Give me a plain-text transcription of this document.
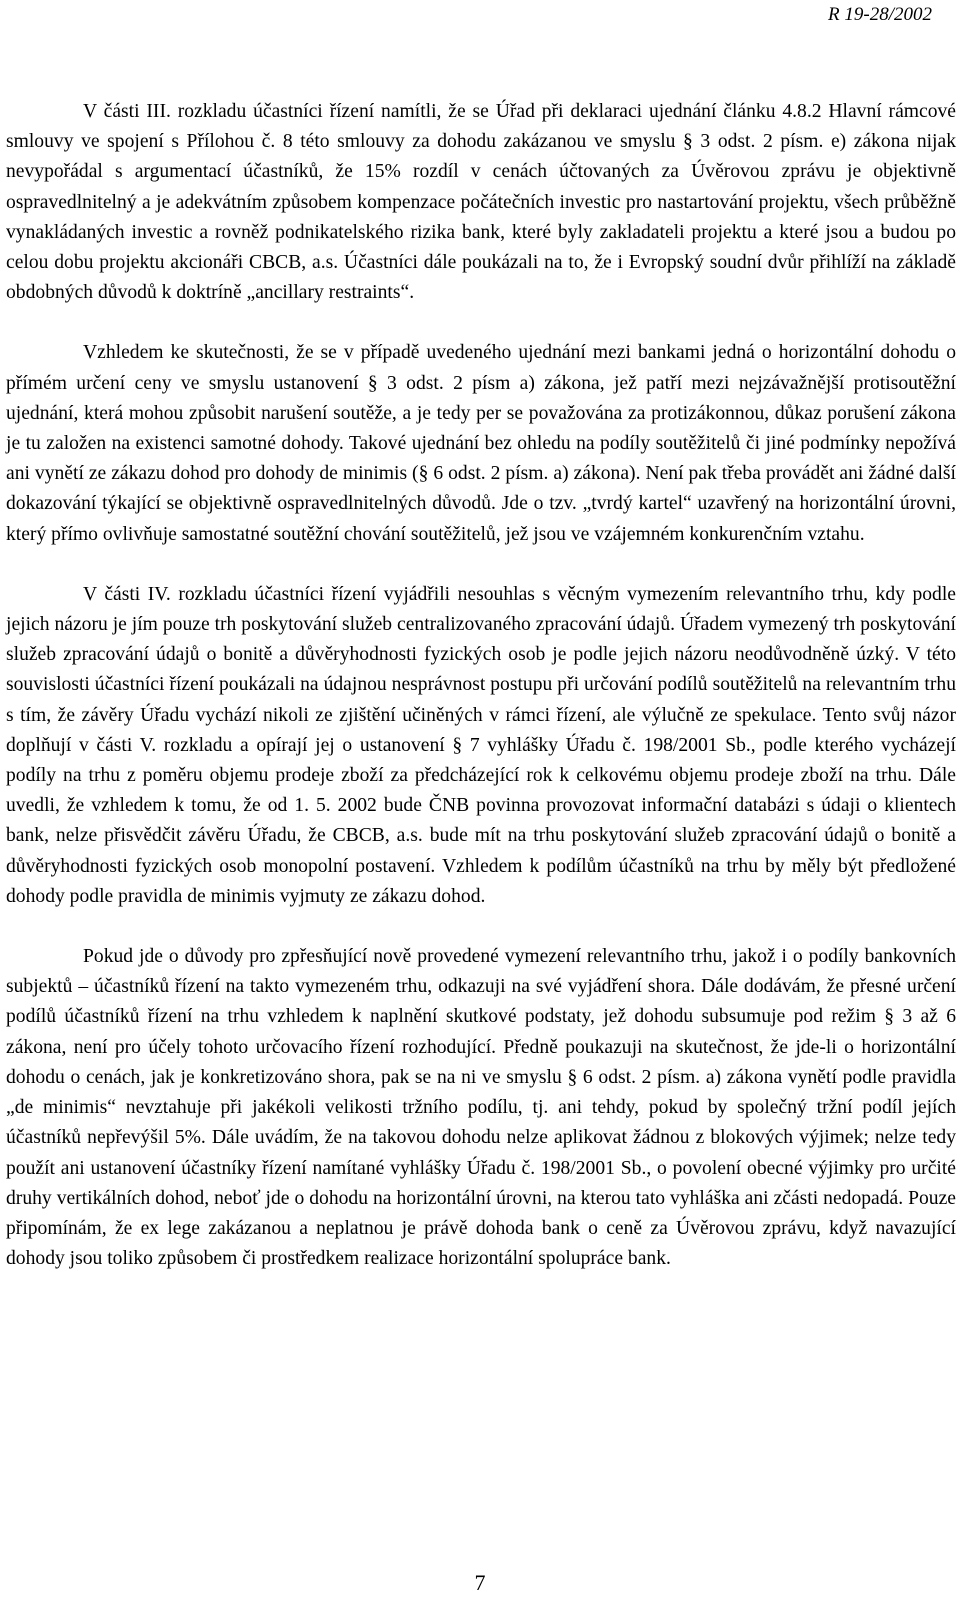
R 19-28/2002

V části III. rozkladu účastníci řízení namítli, že se Úřad při deklaraci ujednání článku 4.8.2 Hlavní rámcové smlouvy ve spojení s Přílohou č. 8 této smlouvy za dohodu zakázanou ve smyslu § 3 odst. 2 písm. e) zákona nijak nevypořádal s argumentací účastníků, že 15% rozdíl v cenách účtovaných za Úvěrovou zprávu je objektivně ospravedlnitelný a je adekvátním způsobem kompenzace počátečních investic pro nastartování projektu, všech průběžně vynakládaných investic a rovněž podnikatelského rizika bank, které byly zakladateli projektu a které jsou a budou po celou dobu projektu akcionáři CBCB, a.s. Účastníci dále poukázali na to, že i Evropský soudní dvůr přihlíží na základě obdobných důvodů k doktríně „ancillary restraints“.

Vzhledem ke skutečnosti, že se v případě uvedeného ujednání mezi bankami jedná o horizontální dohodu o přímém určení ceny ve smyslu ustanovení § 3 odst. 2 písm a) zákona, jež patří mezi nejzávažnější protisoutěžní ujednání, která mohou způsobit narušení soutěže, a je tedy per se považována za protizákonnou, důkaz porušení zákona je tu založen na existenci samotné dohody. Takové ujednání bez ohledu na podíly soutěžitelů či jiné podmínky nepožívá ani vynětí ze zákazu dohod pro dohody de minimis (§ 6 odst. 2 písm. a) zákona). Není pak třeba provádět ani žádné další dokazování týkající se objektivně ospravedlnitelných důvodů. Jde o tzv. „tvrdý kartel“ uzavřený na horizontální úrovni, který přímo ovlivňuje samostatné soutěžní chování soutěžitelů, jež jsou ve vzájemném konkurenčním vztahu.

V části IV. rozkladu účastníci řízení vyjádřili nesouhlas s věcným vymezením relevantního trhu, kdy podle jejich názoru je jím pouze trh poskytování služeb centralizovaného zpracování údajů. Úřadem vymezený trh poskytování služeb zpracování údajů o bonitě a důvěryhodnosti fyzických osob je podle jejich názoru neodůvodněně úzký. V této souvislosti účastníci řízení poukázali na údajnou nesprávnost postupu při určování podílů soutěžitelů na relevantním trhu s tím, že závěry Úřadu vychází nikoli ze zjištění učiněných v rámci řízení, ale výlučně ze spekulace. Tento svůj názor doplňují v části V. rozkladu a opírají jej o ustanovení § 7 vyhlášky Úřadu č. 198/2001 Sb., podle kterého vycházejí podíly na trhu z poměru objemu prodeje zboží za předcházející rok k celkovému objemu prodeje zboží na trhu. Dále uvedli, že vzhledem k tomu, že od 1. 5. 2002 bude ČNB povinna provozovat informační databázi s údaji o klientech bank, nelze přisvědčit závěru Úřadu, že CBCB, a.s. bude mít na trhu poskytování služeb zpracování údajů o bonitě a důvěryhodnosti fyzických osob monopolní postavení. Vzhledem k podílům účastníků na trhu by měly být předložené dohody podle pravidla de minimis vyjmuty ze zákazu dohod.

Pokud jde o důvody pro zpřesňující nově provedené vymezení relevantního trhu, jakož i o podíly bankovních subjektů – účastníků řízení na takto vymezeném trhu, odkazuji na své vyjádření shora. Dále dodávám, že přesné určení podílů účastníků řízení na trhu vzhledem k naplnění skutkové podstaty, jež dohodu subsumuje pod režim § 3 až 6 zákona, není pro účely tohoto určovacího řízení rozhodující. Předně poukazuji na skutečnost, že jde-li o horizontální dohodu o cenách, jak je konkretizováno shora, pak se na ni ve smyslu § 6 odst. 2 písm. a) zákona vynětí podle pravidla „de minimis“ nevztahuje při jakékoli velikosti tržního podílu, tj. ani tehdy, pokud by společný tržní podíl jejích účastníků nepřevýšil 5%. Dále uvádím, že na takovou dohodu nelze aplikovat žádnou z blokových výjimek; nelze tedy použít ani ustanovení účastníky řízení namítané vyhlášky Úřadu č. 198/2001 Sb., o povolení obecné výjimky pro určité druhy vertikálních dohod, neboť jde o dohodu na horizontální úrovni, na kterou tato vyhláška ani zčásti nedopadá. Pouze připomínám, že ex lege zakázanou a neplatnou je právě dohoda bank o ceně za Úvěrovou zprávu, když navazující dohody jsou toliko způsobem či prostředkem realizace horizontální spolupráce bank.

7
